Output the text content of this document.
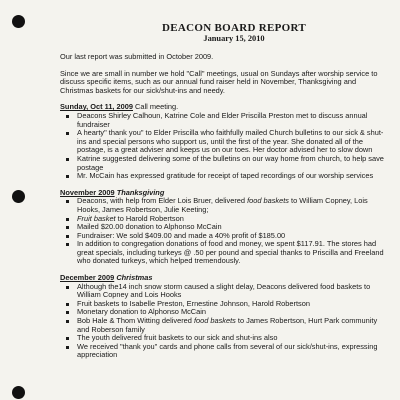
DEACON BOARD REPORT
January 15, 2010

Our last report was submitted in October 2009.

Since we are small in number we hold "Call" meetings, usual on Sundays after worship service to discuss specific items, such as our annual fund raiser held in November, Thanksgiving and Christmas baskets for our sick/shut-ins and needy.

Sunday, Oct 11, 2009 Call meeting.
Deacons Shirley Calhoun, Katrine Cole and Elder Priscilla Preston met to discuss annual fundraiser
A hearty" thank you" to Elder Priscilla who faithfully mailed Church bulletins to our sick & shut-ins and special persons who support us, until the first of the year. She donated all of the postage, is a great adviser and keeps us on our toes. Her doctor advised her to slow down
Katrine suggested delivering some of the bulletins on our way home from church, to help save postage
Mr. McCain has expressed gratitude for receipt of taped recordings of our worship services
November 2009 Thanksgiving
Deacons, with help from Elder Lois Bruer, delivered food baskets to William Copney, Lois Hooks, James Robertson, Julie Keeting;
Fruit basket to Harold Robertson
Mailed $20.00 donation to Alphonso McCain
Fundraiser: We sold $409.00 and made a 40% profit of $185.00
In addition to congregation donations of food and money, we spent $117.91. The stores had great specials, including turkeys @ .50 per pound and special thanks to Priscilla and Freeland who donated turkeys, which helped tremendously.
December 2009 Christmas
Although the14 inch snow storm caused a slight delay, Deacons delivered food baskets to William Copney and Lois Hooks
Fruit baskets to Isabelle Preston, Ernestine Johnson, Harold Robertson
Monetary donation to Alphonso McCain
Bob Hale & Thom Witting delivered food baskets to James Robertson, Hurt Park community and Roberson family
The youth delivered fruit baskets to our sick and shut-ins also
We received "thank you" cards and phone calls from several of our sick/shut-ins, expressing appreciation
